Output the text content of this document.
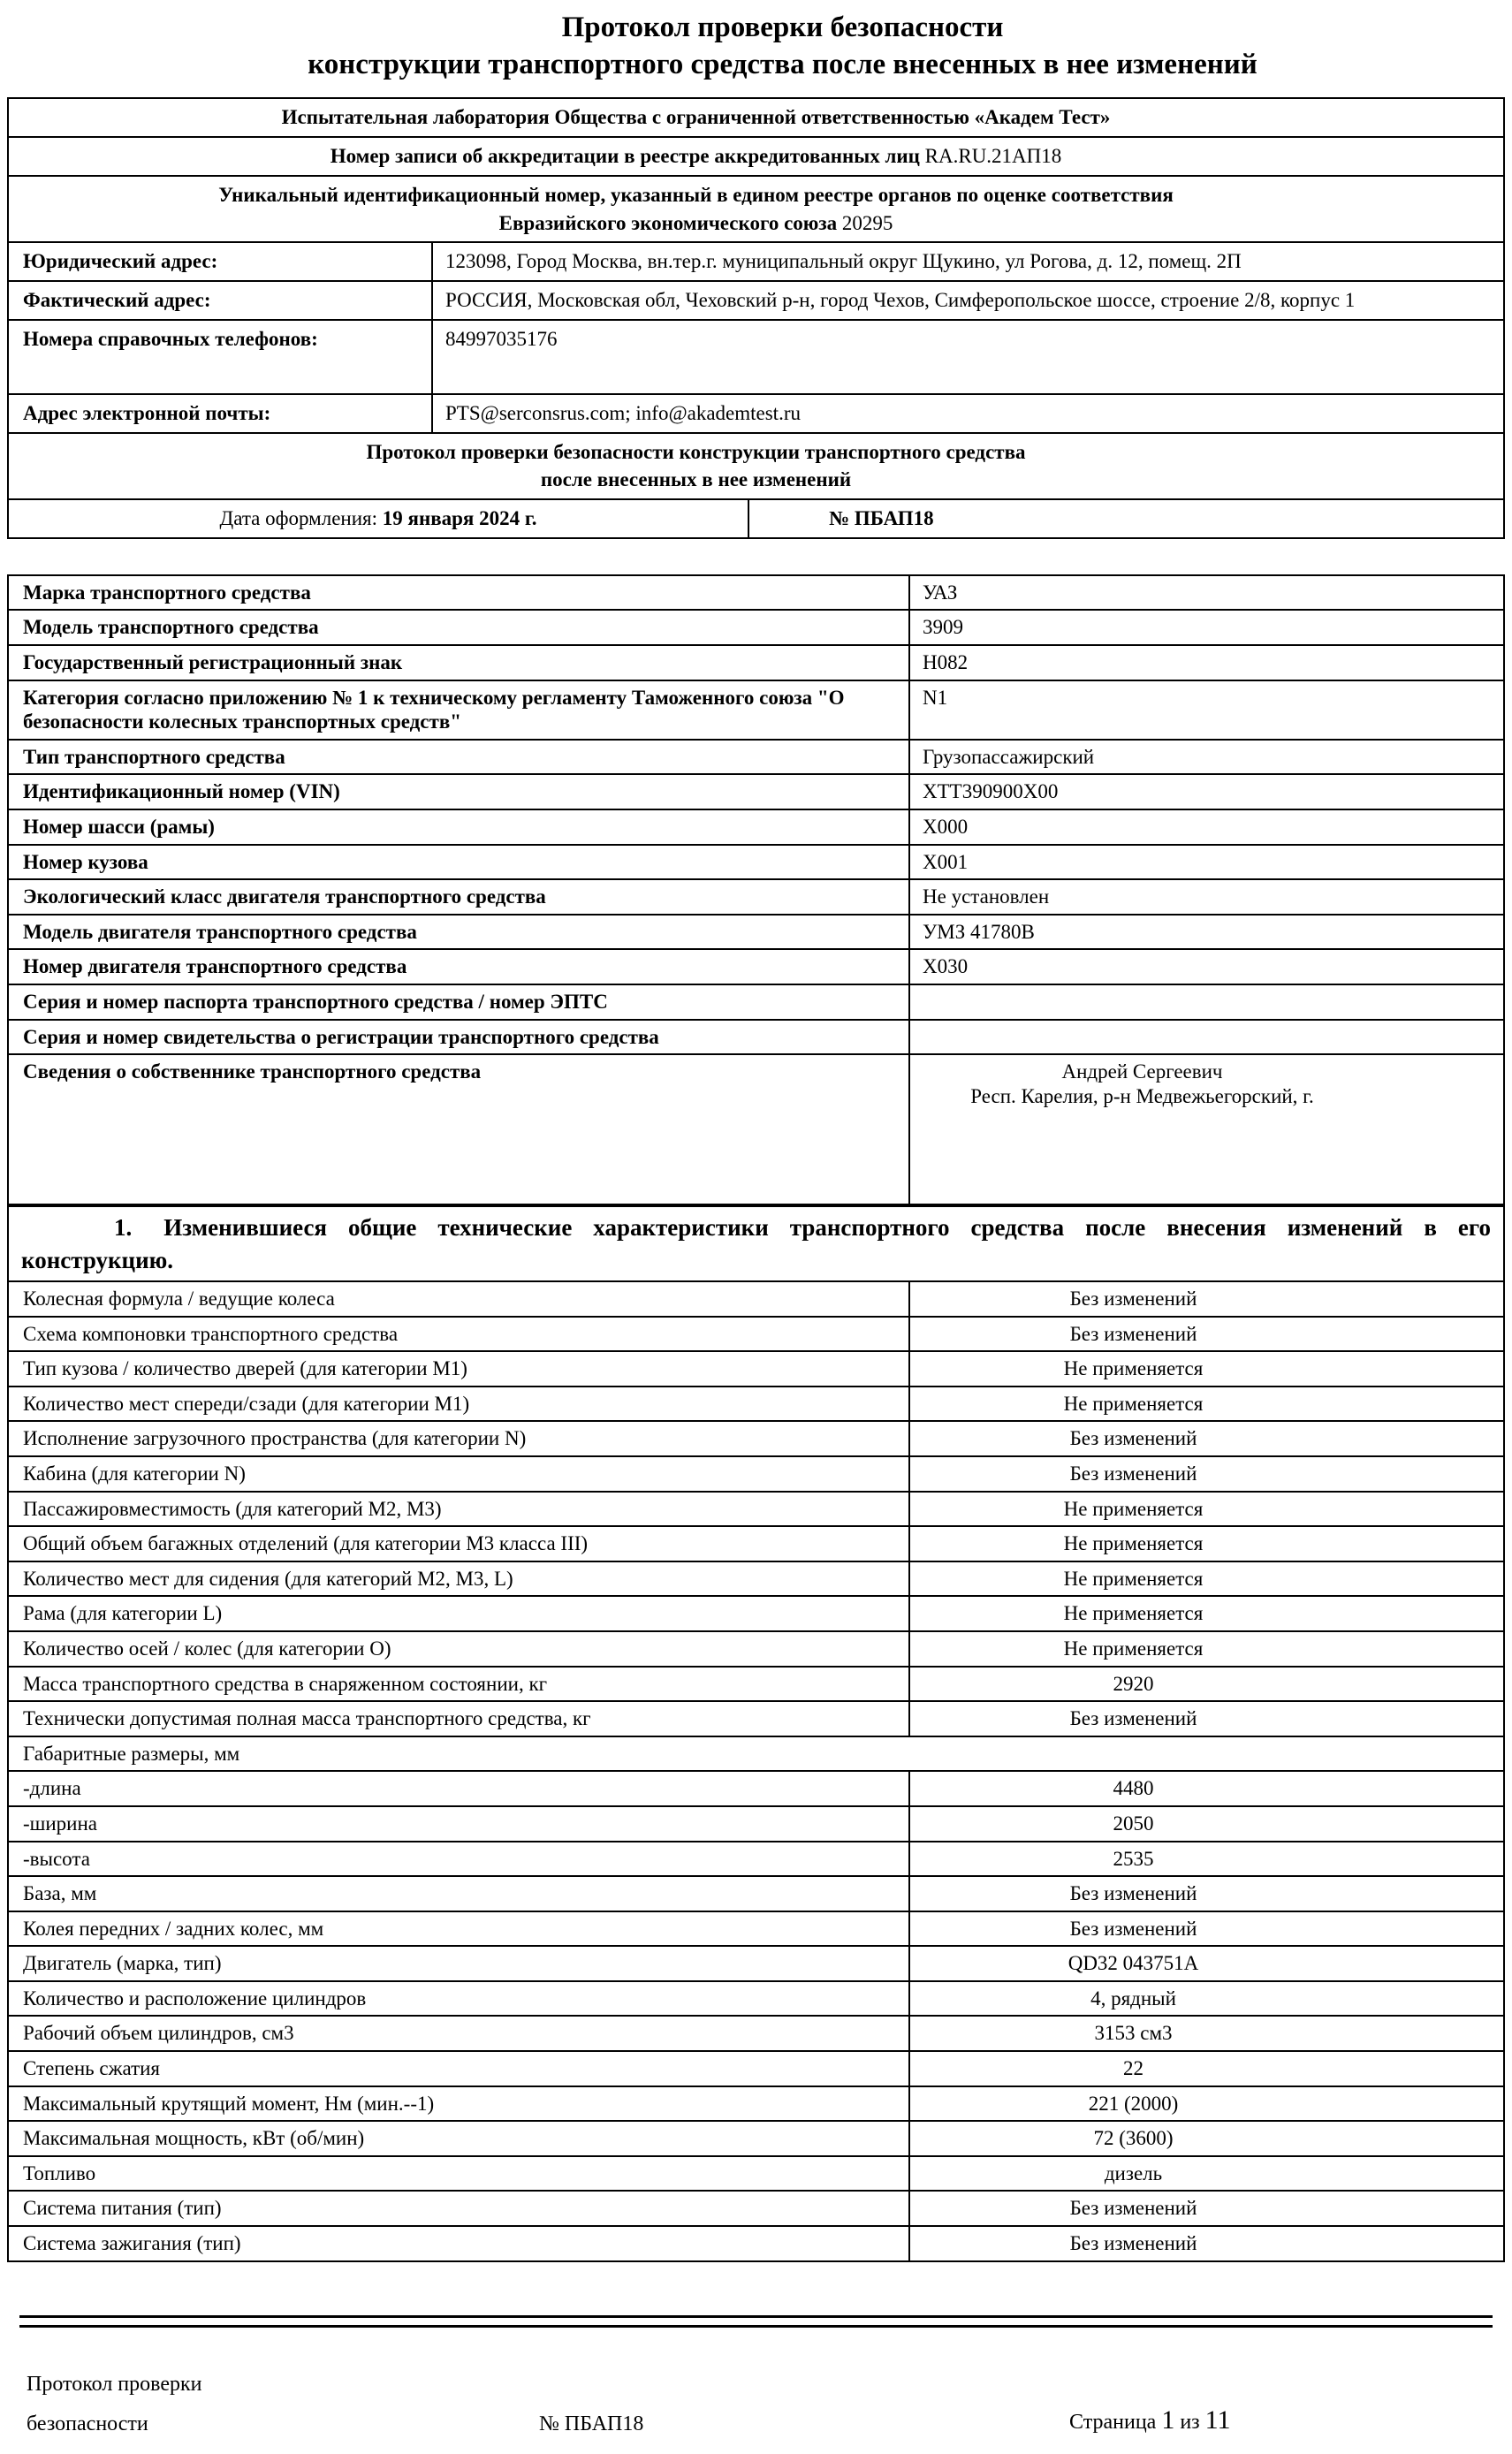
Протокол проверки безопасности
конструкции транспортного средства после внесенных в нее изменений
Испытательная лаборатория Общества с ограниченной ответственностью «Академ Тест»		
Номер записи об аккредитации в реестре аккредитованных лиц RA.RU.21АП18		

Уникальный идентификационный номер, указанный в едином реестре органов по оценке соответствия
Евразийского экономического союза 20295		

Юридический адрес:	123098, Город Москва, вн.тер.г. муниципальный округ Щукино, ул Рогова, д. 12, помещ. 2П	
Фактический адрес:	РОССИЯ, Московская обл, Чеховский р-н, город Чехов, Симферопольское шоссе, строение 2/8, корпус 1	
Номера справочных телефонов:	84997035176	
Адрес электронной почты:	PTS@serconsrus.com; info@akademtest.ru	

Протокол проверки безопасности конструкции транспортного средства
после внесенных в нее изменений		

Дата оформления: 19 января 2024 г.		№ ПБАП18
Марка транспортного средства	УАЗ

Модель транспортного средства	3909

Государственный регистрационный знак	Н082

Категория согласно приложению № 1 к техническому регламенту Таможенного союза "О безопасности колесных транспортных средств"	N1

Тип транспортного средства	Грузопассажирский

Идентификационный номер (VIN)	ХТТ390900Х00

Номер шасси (рамы)	Х000

Номер кузова	Х001

Экологический класс двигателя транспортного средства	Не установлен

Модель двигателя транспортного средства	УМЗ 41780В

Номер двигателя транспортного средства	Х030

Серия и номер паспорта транспортного средства / номер ЭПТС	

Серия и номер свидетельства о регистрации транспортного средства	

Сведения о собственнике транспортного средства	Андрей Сергеевич
Респ. Карелия, р-н Медвежьегорский, г.
1. Изменившиеся общие технические характеристики транспортного средства после внесения изменений в его конструкцию.	
Колесная формула / ведущие колеса	Без изменений
Схема компоновки транспортного средства	Без изменений
Тип кузова / количество дверей (для категории М1)	Не применяется
Количество мест спереди/сзади (для категории М1)	Не применяется
Исполнение загрузочного пространства (для категории N)	Без изменений
Кабина (для категории N)	Без изменений
Пассажировместимость (для категорий М2, М3)	Не применяется
Общий объем багажных отделений (для категории М3 класса III)	Не применяется
Количество мест для сидения (для категорий М2, М3, L)	Не применяется
Рама (для категории L)	Не применяется
Количество осей / колес (для категории О)	Не применяется
Масса транспортного средства в снаряженном состоянии, кг	2920
Технически допустимая полная масса транспортного средства, кг	Без изменений
Габаритные размеры, мм	
-длина	4480
-ширина	2050
-высота	2535
База, мм	Без изменений
Колея передних / задних колес, мм	Без изменений
Двигатель (марка, тип)	QD32 043751A
Количество и расположение цилиндров	4, рядный
Рабочий объем цилиндров, см3	3153 см3
Степень сжатия	22
Максимальный крутящий момент, Нм (мин.--1)	221 (2000)
Максимальная мощность, кВт (об/мин)	72 (3600)
Топливо	дизель
Система питания (тип)	Без изменений
Система зажигания (тип)	Без изменений
Протокол проверки
безопасности	№ ПБАП18	Страница 1 из 11
